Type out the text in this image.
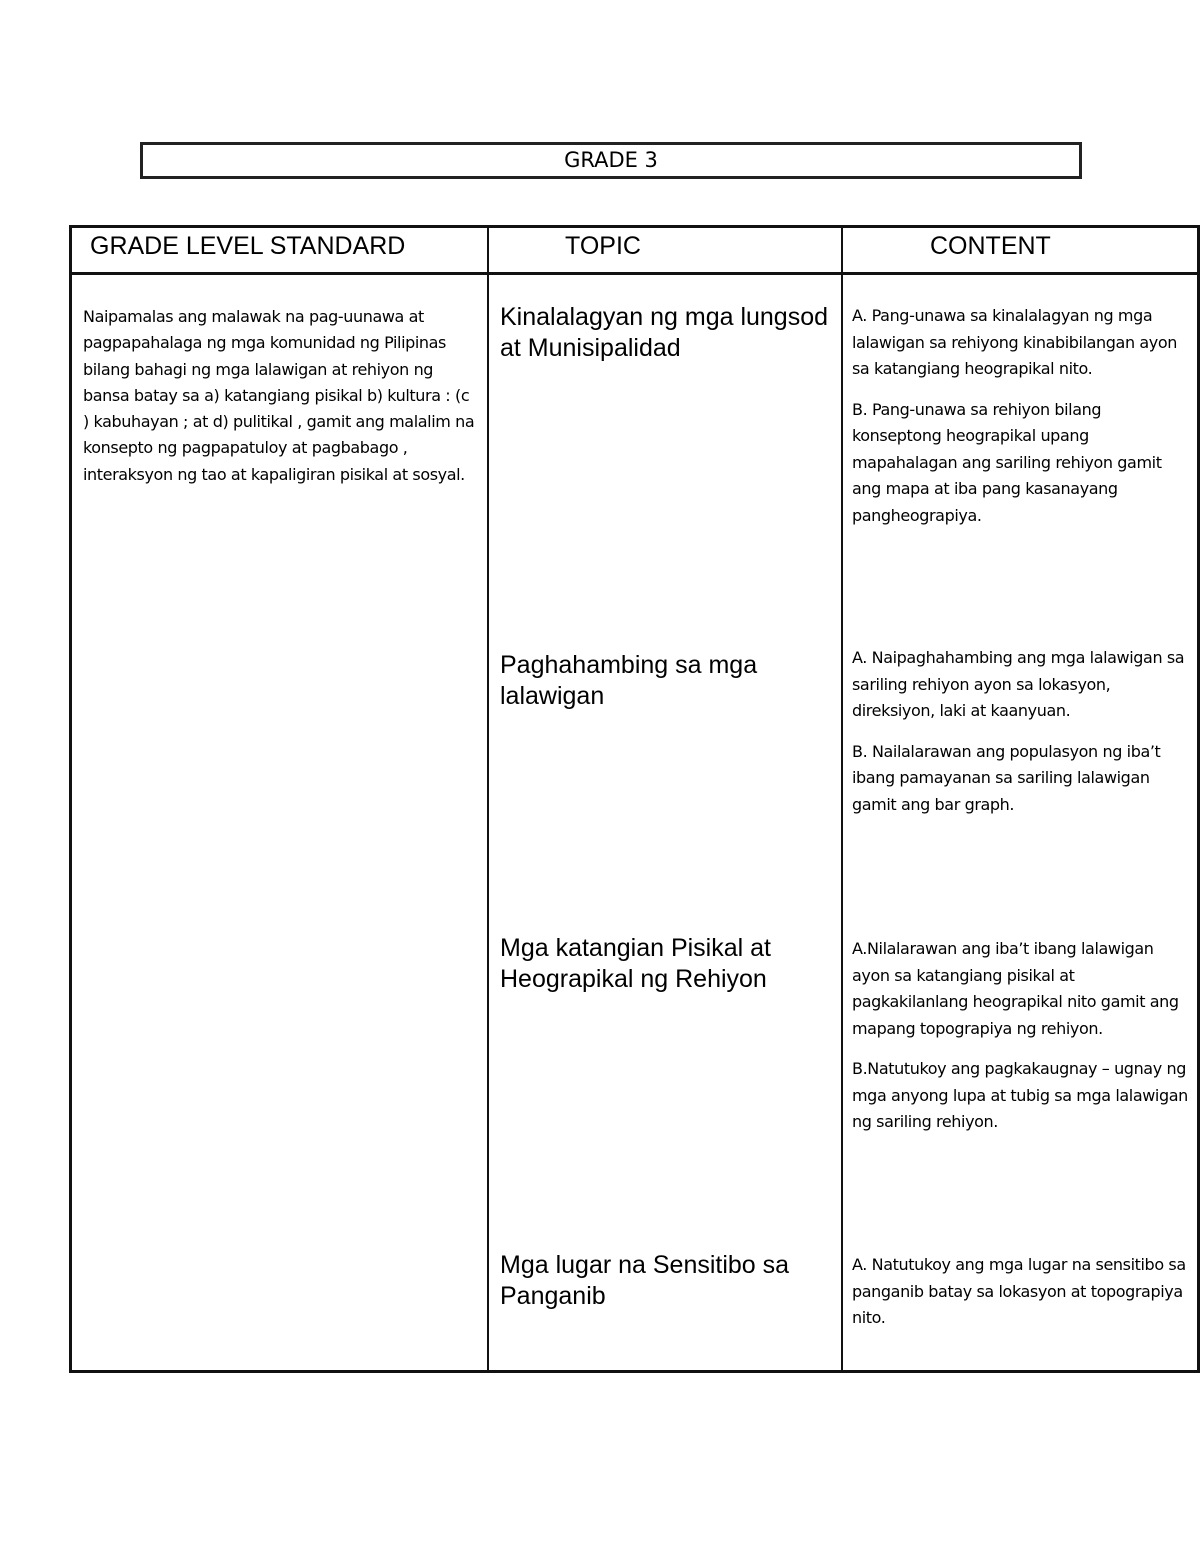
GRADE 3
GRADE LEVEL STANDARD	TOPIC	CONTENT
Naipamalas ang malawak na pag-uunawa at pagpapahalaga ng mga komunidad ng Pilipinas bilang bahagi ng mga lalawigan at rehiyon ng bansa batay sa a) katangiang pisikal b) kultura : (c ) kabuhayan ; at d) pulitikal , gamit ang malalim na konsepto ng pagpapatuloy at pagbabago , interaksyon ng tao at kapaligiran pisikal at sosyal.
Kinalalagyan ng mga lungsod at Munisipalidad

A. Pang-unawa sa kinalalagyan ng mga lalawigan sa rehiyong kinabibilangan ayon sa katangiang heograpikal nito.

B. Pang-unawa sa rehiyon bilang konseptong heograpikal upang mapahalagan ang sariling rehiyon gamit ang mapa at iba pang kasanayang pangheograpiya.

Paghahambing sa mga lalawigan

A. Naipaghahambing ang mga lalawigan sa sariling rehiyon ayon sa lokasyon, direksiyon, laki at kaanyuan.

B. Nailalarawan ang populasyon ng iba’t ibang pamayanan sa sariling lalawigan gamit ang bar graph.

Mga katangian Pisikal at Heograpikal ng Rehiyon

A.Nilalarawan ang iba’t ibang lalawigan ayon sa katangiang pisikal at pagkakilanlang heograpikal nito gamit ang mapang topograpiya ng rehiyon.

B.Natutukoy ang pagkakaugnay – ugnay ng mga anyong lupa at tubig sa mga lalawigan ng sariling rehiyon.

Mga lugar na Sensitibo sa Panganib

A. Natutukoy ang mga lugar na sensitibo sa panganib batay sa lokasyon at topograpiya nito.
